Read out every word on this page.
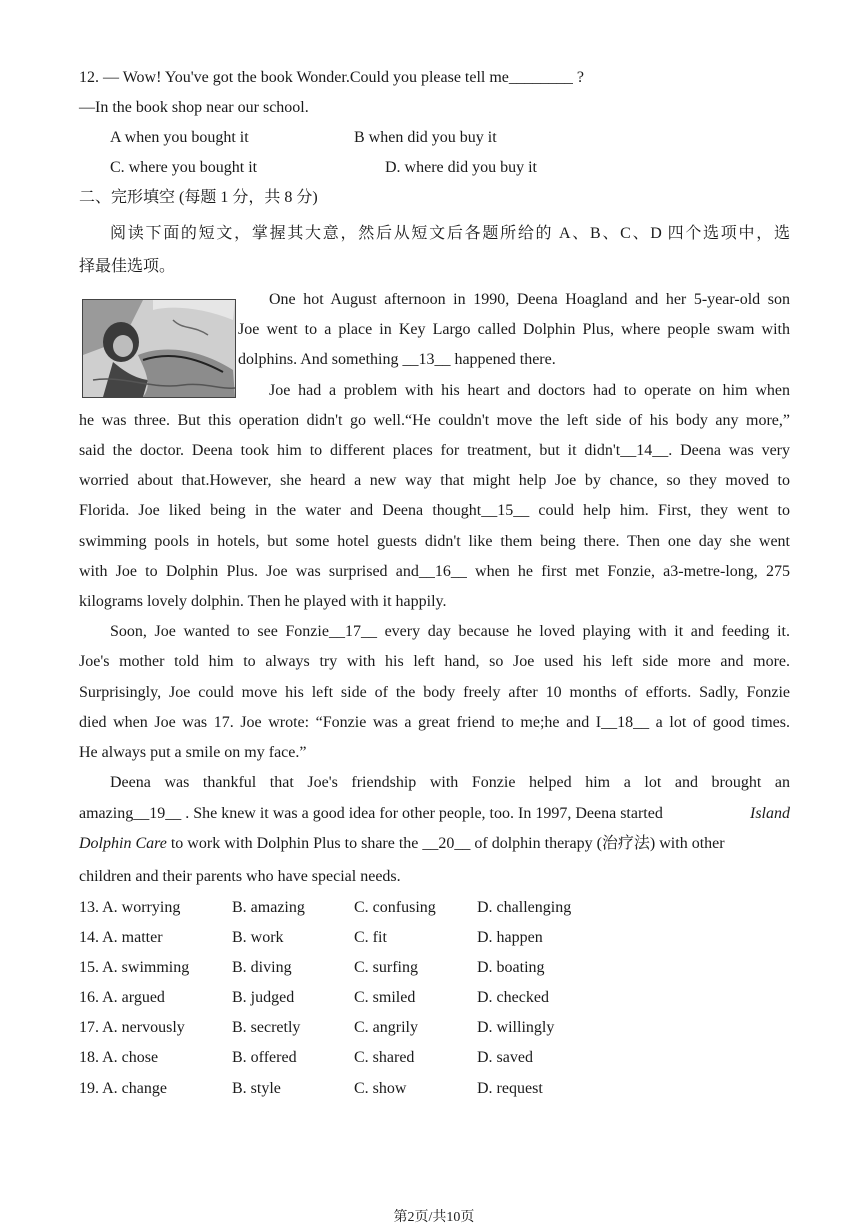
12. — Wow! You've got the book Wonder.Could you please tell me________ ?
—In the book shop near our school.
A when you bought it	B when did you buy it
C. where you bought it	D. where did you buy it
二、完形填空 (每题 1 分，共 8 分)
阅读下面的短文，掌握其大意，然后从短文后各题所给的 A、B、C、D 四个选项中，选
择最佳选项。
One hot August afternoon in 1990, Deena Hoagland and her 5-year-old son
Joe went to a place in Key Largo called Dolphin Plus, where people swam with
dolphins. And something __13__ happened there.
Joe had a problem with his heart and doctors had to operate on him when
he was three. But this operation didn't go well.“He couldn't move the left side of his body any more,”
said the doctor. Deena took him to different places for treatment, but it didn't__14__. Deena was very
worried about that.However, she heard a new way that might help Joe by chance, so they moved to
Florida. Joe liked being in the water and Deena thought__15__ could help him. First, they went to
swimming pools in hotels, but some hotel guests didn't like them being there. Then one day she went
with Joe to Dolphin Plus. Joe was surprised and__16__ when he first met Fonzie, a3-metre-long, 275
kilograms lovely dolphin. Then he played with it happily.
Soon, Joe wanted to see Fonzie__17__ every day because he loved playing with it and feeding it.
Joe's mother told him to always try with his left hand, so Joe used his left side more and more.
Surprisingly, Joe could move his left side of the body freely after 10 months of efforts. Sadly, Fonzie
died when Joe was 17. Joe wrote: “Fonzie was a great friend to me;he and I__18__ a lot of good times.
He always put a smile on my face.”
Deena was thankful that Joe's friendship with Fonzie helped him a lot and brought an
amazing__19__ . She knew it was a good idea for other people, too. In 1997, Deena started	Island
Dolphin Care to work with Dolphin Plus to share the __20__ of dolphin therapy (治疗法) with other
children and their parents who have special needs.
13. A. worrying	B. amazing	C. confusing	D. challenging
14. A. matter	B. work	C. fit	D. happen
15. A. swimming	B. diving	C. surfing	D. boating
16. A. argued	B. judged	C. smiled	D. checked
17. A. nervously	B. secretly	C. angrily	D. willingly
18. A. chose	B. offered	C. shared	D. saved
19. A. change	B. style	C. show	D. request
第2页/共10页
